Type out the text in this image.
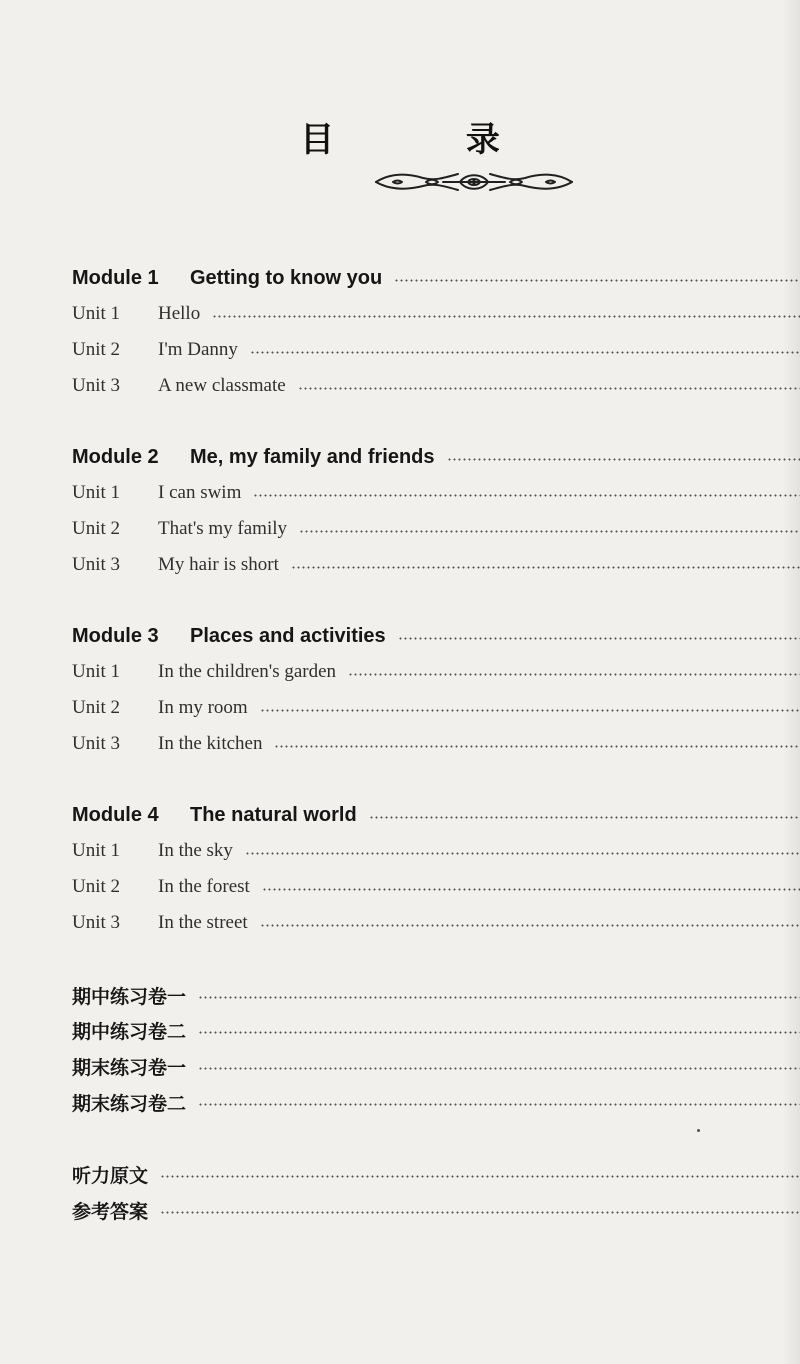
目 录
Module 1	Getting to know you
Unit 1	Hello
Unit 2	I'm Danny
Unit 3	A new classmate
Module 2	Me, my family and friends
Unit 1	I can swim
Unit 2	That's my family
Unit 3	My hair is short
Module 3	Places and activities
Unit 1	In the children's garden
Unit 2	In my room
Unit 3	In the kitchen
Module 4	The natural world
Unit 1	In the sky
Unit 2	In the forest
Unit 3	In the street
期中练习卷一
期中练习卷二
期末练习卷一
期末练习卷二
听力原文
参考答案
